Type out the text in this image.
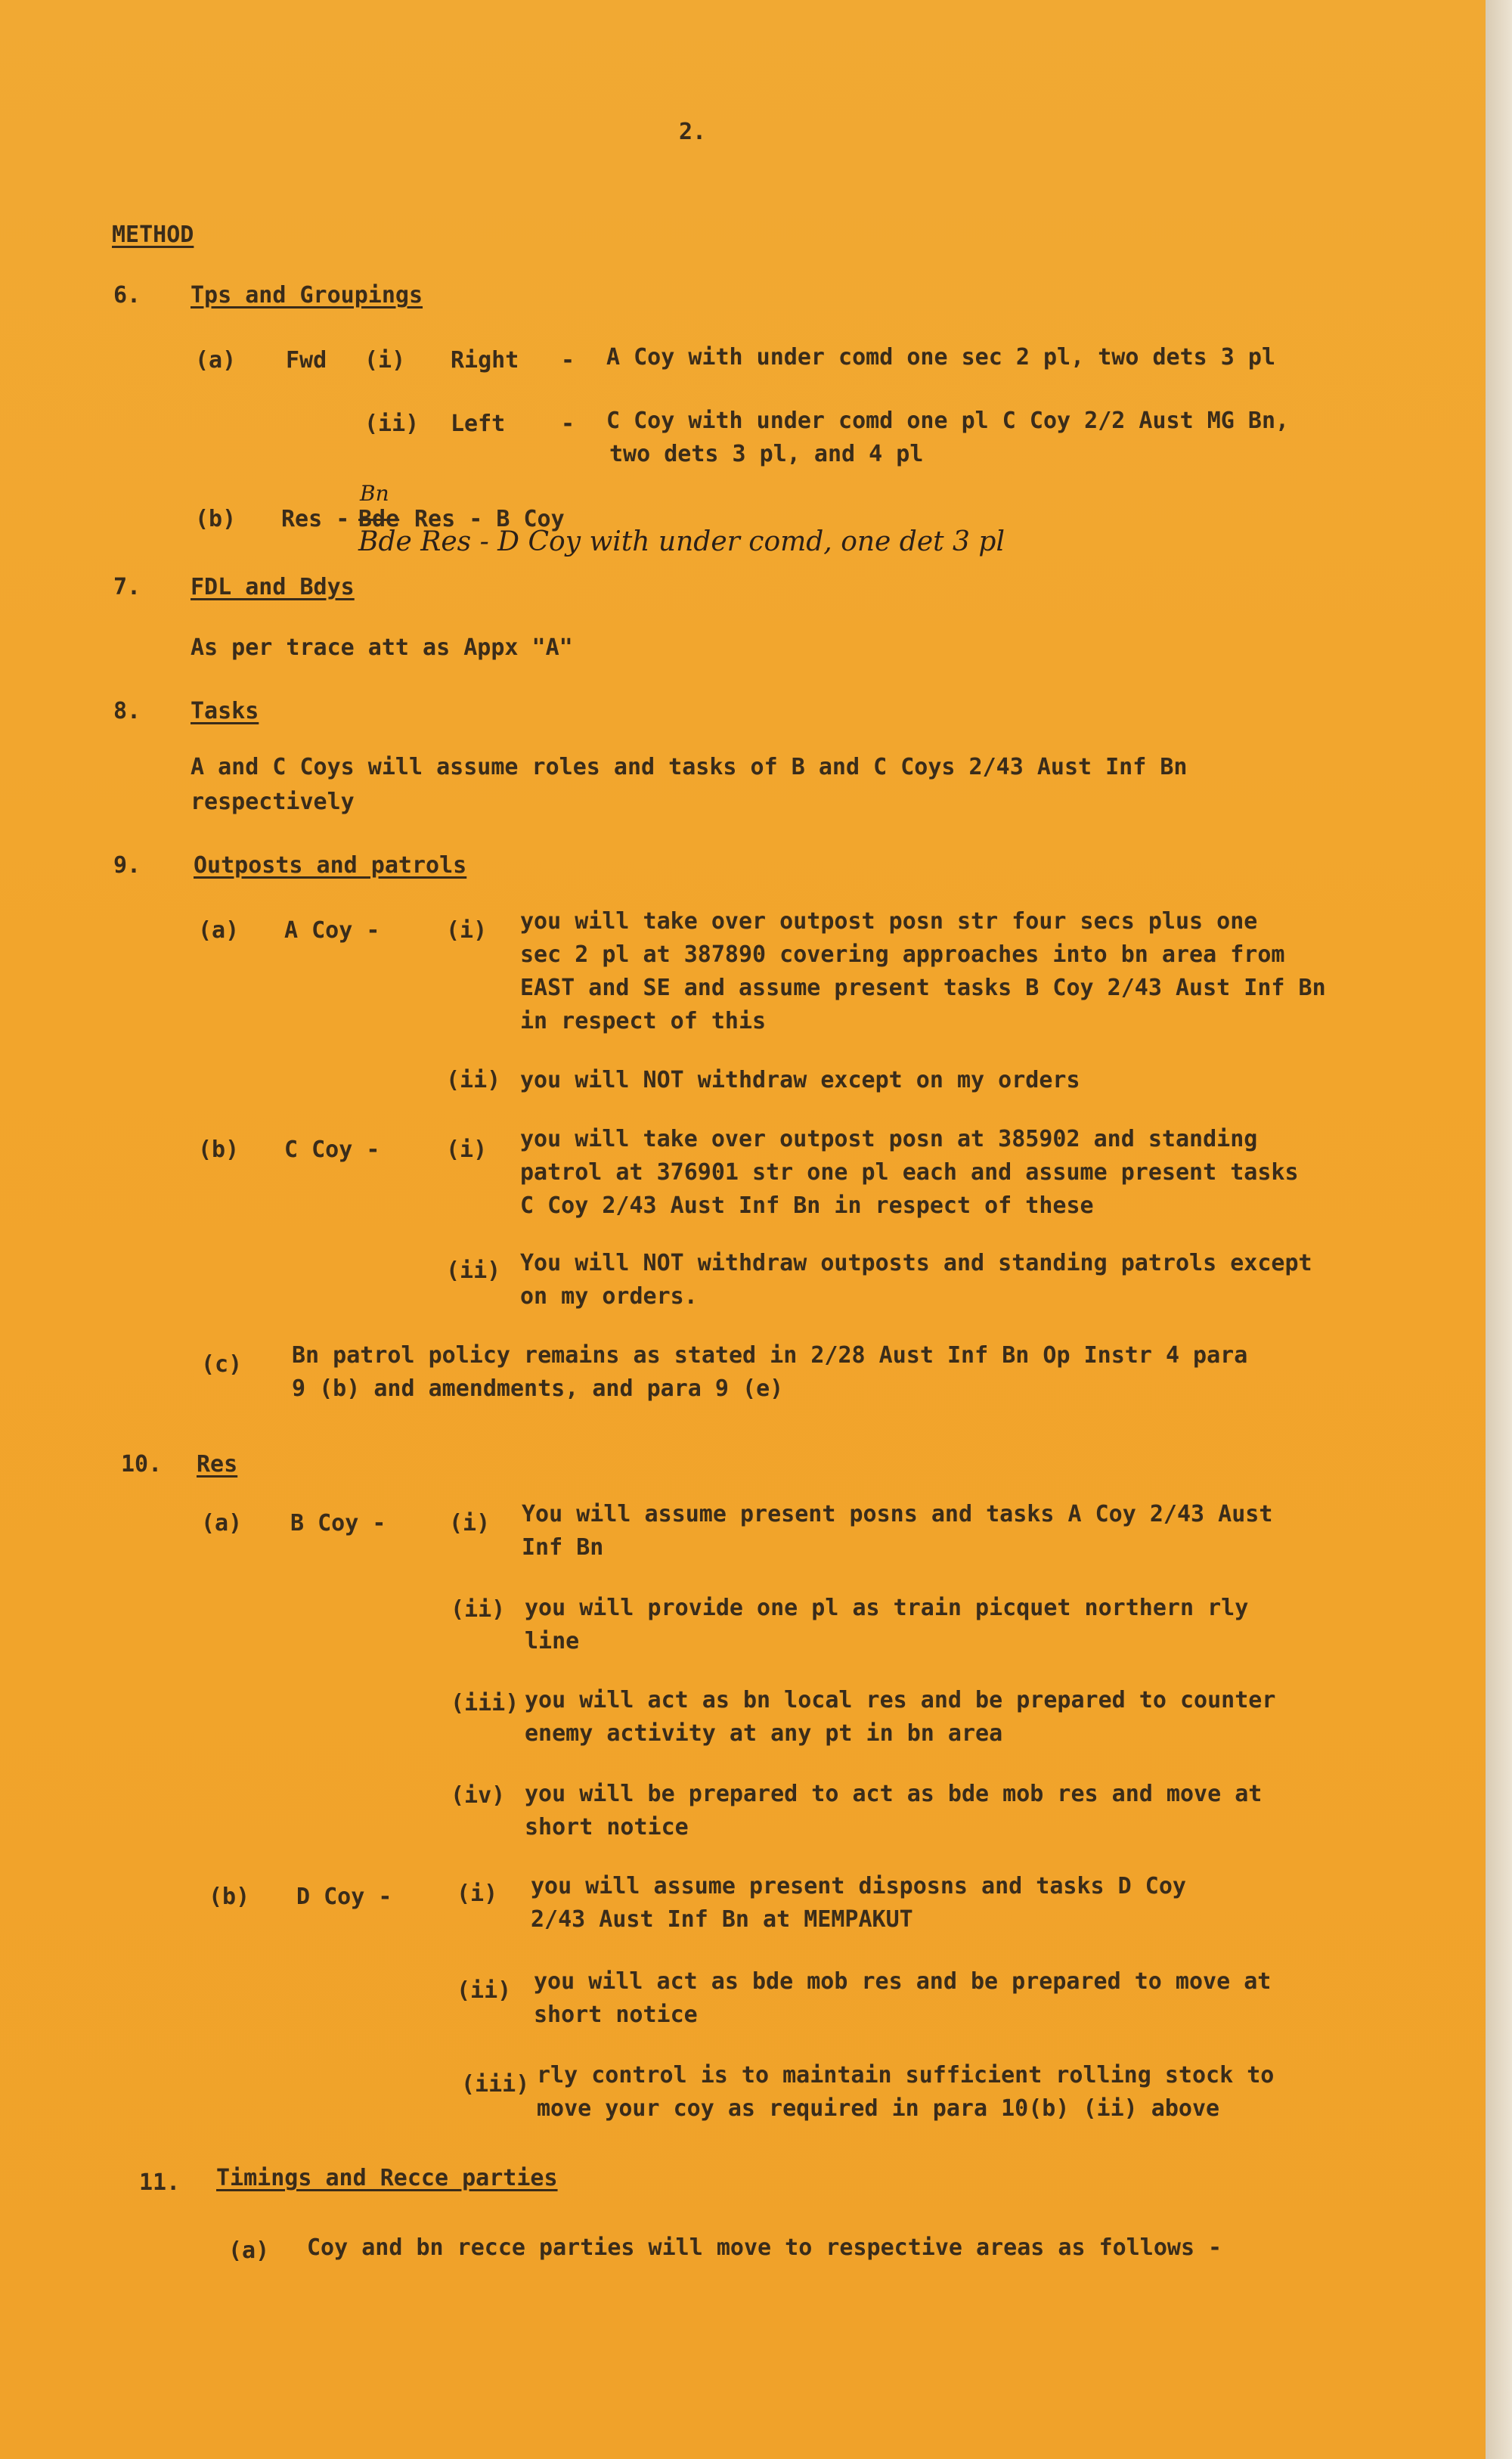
2.
METHOD
6. Tps and Groupings
(a) Fwd (i) Right - A Coy with under comd one sec 2 pl, two dets 3 pl
(ii) Left - C Coy with under comd one pl C Coy 2/2 Aust MG Bn,
two dets 3 pl, and 4 pl
(b) Res - Bde
Bn
Res - B Coy
Bde Res - D Coy with under comd, one det 3 pl
7. FDL and Bdys
As per trace att as Appx "A"
8. Tasks
A and C Coys will assume roles and tasks of B and C Coys 2/43 Aust Inf Bn
respectively
9. Outposts and patrols
(a) A Coy -	(i) you will take over outpost posn str four secs plus one
sec 2 pl at 387890 covering approaches into bn area from
EAST and SE and assume present tasks B Coy 2/43 Aust Inf Bn
in respect of this
(ii) you will NOT withdraw except on my orders
(b) C Coy -	(i) you will take over outpost posn at 385902 and standing
patrol at 376901 str one pl each and assume present tasks
C Coy 2/43 Aust Inf Bn in respect of these
(ii) You will NOT withdraw outposts and standing patrols except
on my orders.
(c) Bn patrol policy remains as stated in 2/28 Aust Inf Bn Op Instr 4 para
9 (b) and amendments, and para 9 (e)
10. Res
(a) B Coy -	(i) You will assume present posns and tasks A Coy 2/43 Aust
Inf Bn
(ii) you will provide one pl as train picquet northern rly
line
(iii) you will act as bn local res and be prepared to counter
enemy activity at any pt in bn area
(iv) you will be prepared to act as bde mob res and move at
short notice
(b) D Coy -	(i) you will assume present disposns and tasks D Coy
2/43 Aust Inf Bn at MEMPAKUT
(ii) you will act as bde mob res and be prepared to move at
short notice
(iii) rly control is to maintain sufficient rolling stock to
move your coy as required in para 10(b) (ii) above
11. Timings and Recce parties
(a) Coy and bn recce parties will move to respective areas as follows -
